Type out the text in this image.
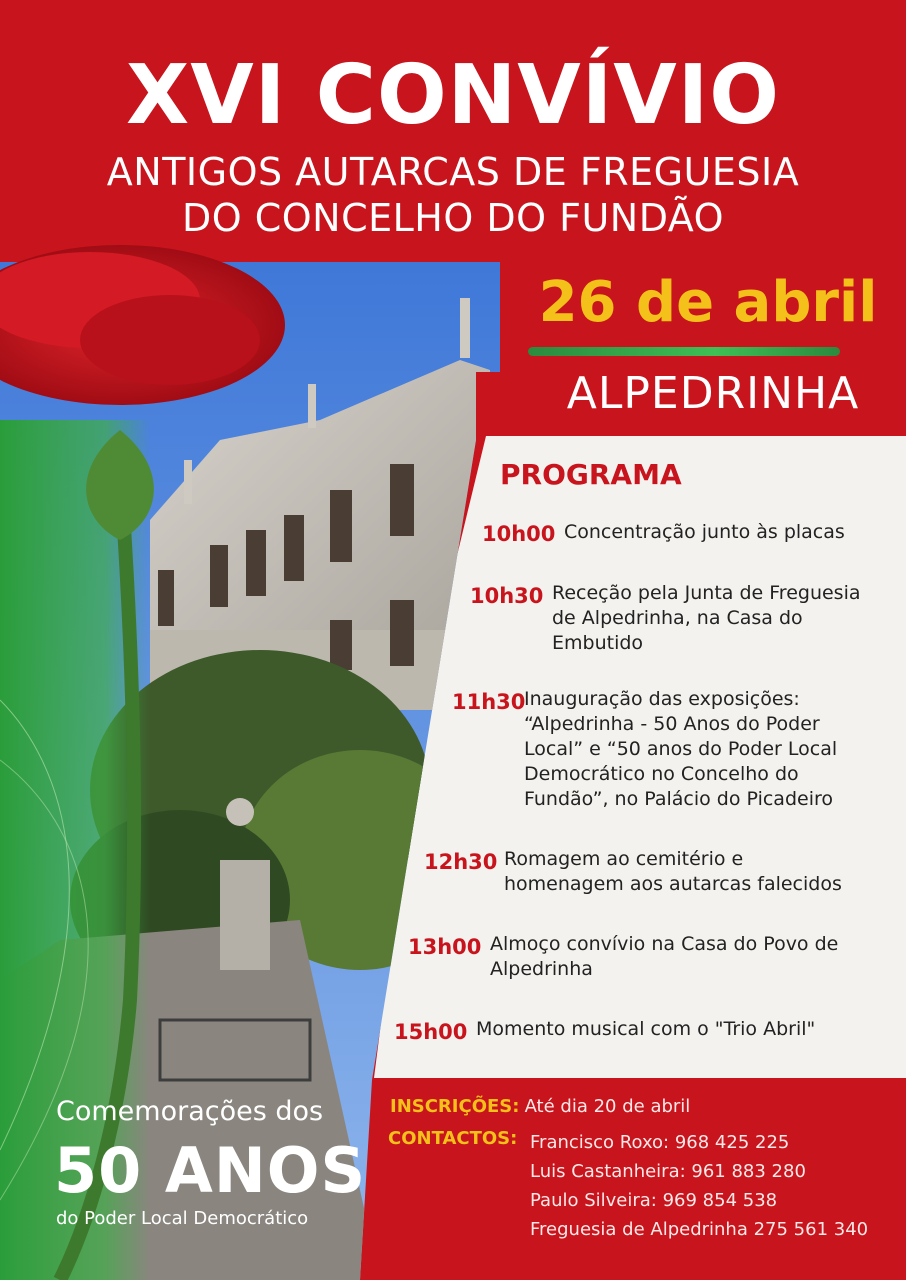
XVI CONVÍVIO
ANTIGOS AUTARCAS DE FREGUESIA
DO CONCELHO DO FUNDÃO
26 de abril
ALPEDRINHA
PROGRAMA
10h00 Concentração junto às placas
10h30 Receção pela Junta de Freguesia
de Alpedrinha, na Casa do
Embutido
11h30
Inauguração das exposições:
“Alpedrinha - 50 Anos do Poder
Local” e “50 anos do Poder Local
Democrático no Concelho do
Fundão”, no Palácio do Picadeiro
12h30 Romagem ao cemitério e
homenagem aos autarcas falecidos
13h00 Almoço convívio na Casa do Povo de
Alpedrinha
15h00 Momento musical com o "Trio Abril"
Comemorações dos
50 ANOS
do Poder Local Democrático
INSCRIÇÕES: Até dia 20 de abril
CONTACTOS: Francisco Roxo: 968 425 225
Luis Castanheira: 961 883 280
Paulo Silveira: 969 854 538
Freguesia de Alpedrinha 275 561 340
